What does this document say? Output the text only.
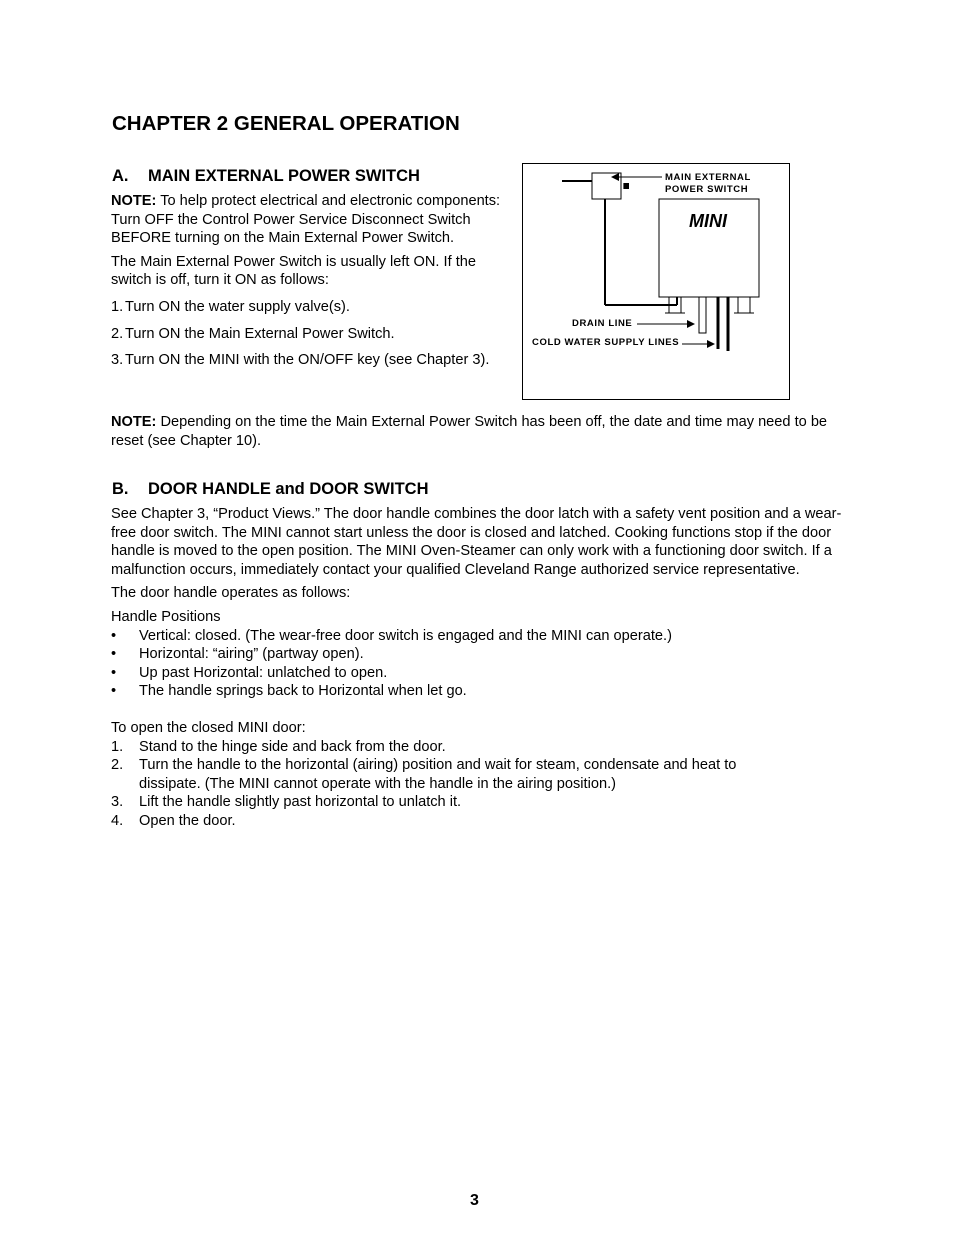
CHAPTER 2 GENERAL OPERATION
A. MAIN EXTERNAL POWER SWITCH

NOTE: To help protect electrical and electronic components: Turn OFF the Control Power Service Disconnect Switch BEFORE turning on the Main External Power Switch.

The Main External Power Switch is usually left ON. If the switch is off, turn it ON as follows:

1. Turn ON the water supply valve(s).
2. Turn ON the Main External Power Switch.
3. Turn ON the MINI with the ON/OFF key (see Chapter 3).
NOTE: Depending on the time the Main External Power Switch has been off, the date and time may need to be reset (see Chapter 10).
MAIN EXTERNAL
POWER SWITCH
MINI
DRAIN LINE
COLD WATER SUPPLY LINES
B. DOOR HANDLE and DOOR SWITCH

See Chapter 3, “Product Views.” The door handle combines the door latch with a safety vent position and a wear-free door switch. The MINI cannot start unless the door is closed and latched. Cooking functions stop if the door handle is moved to the open position. The MINI Oven-Steamer can only work with a functioning door switch. If a malfunction occurs, immediately contact your qualified Cleveland Range authorized service representative.

The door handle operates as follows:

Handle Positions

•	Vertical: closed. (The wear-free door switch is engaged and the MINI can operate.)
•	Horizontal: “airing” (partway open).
•	Up past Horizontal: unlatched to open.
•	The handle springs back to Horizontal when let go.

To open the closed MINI door:

1.	Stand to the hinge side and back from the door.
2.	Turn the handle to the horizontal (airing) position and wait for steam, condensate and heat to dissipate. (The MINI cannot operate with the handle in the airing position.)
3.	Lift the handle slightly past horizontal to unlatch it.
4.	Open the door.
3
